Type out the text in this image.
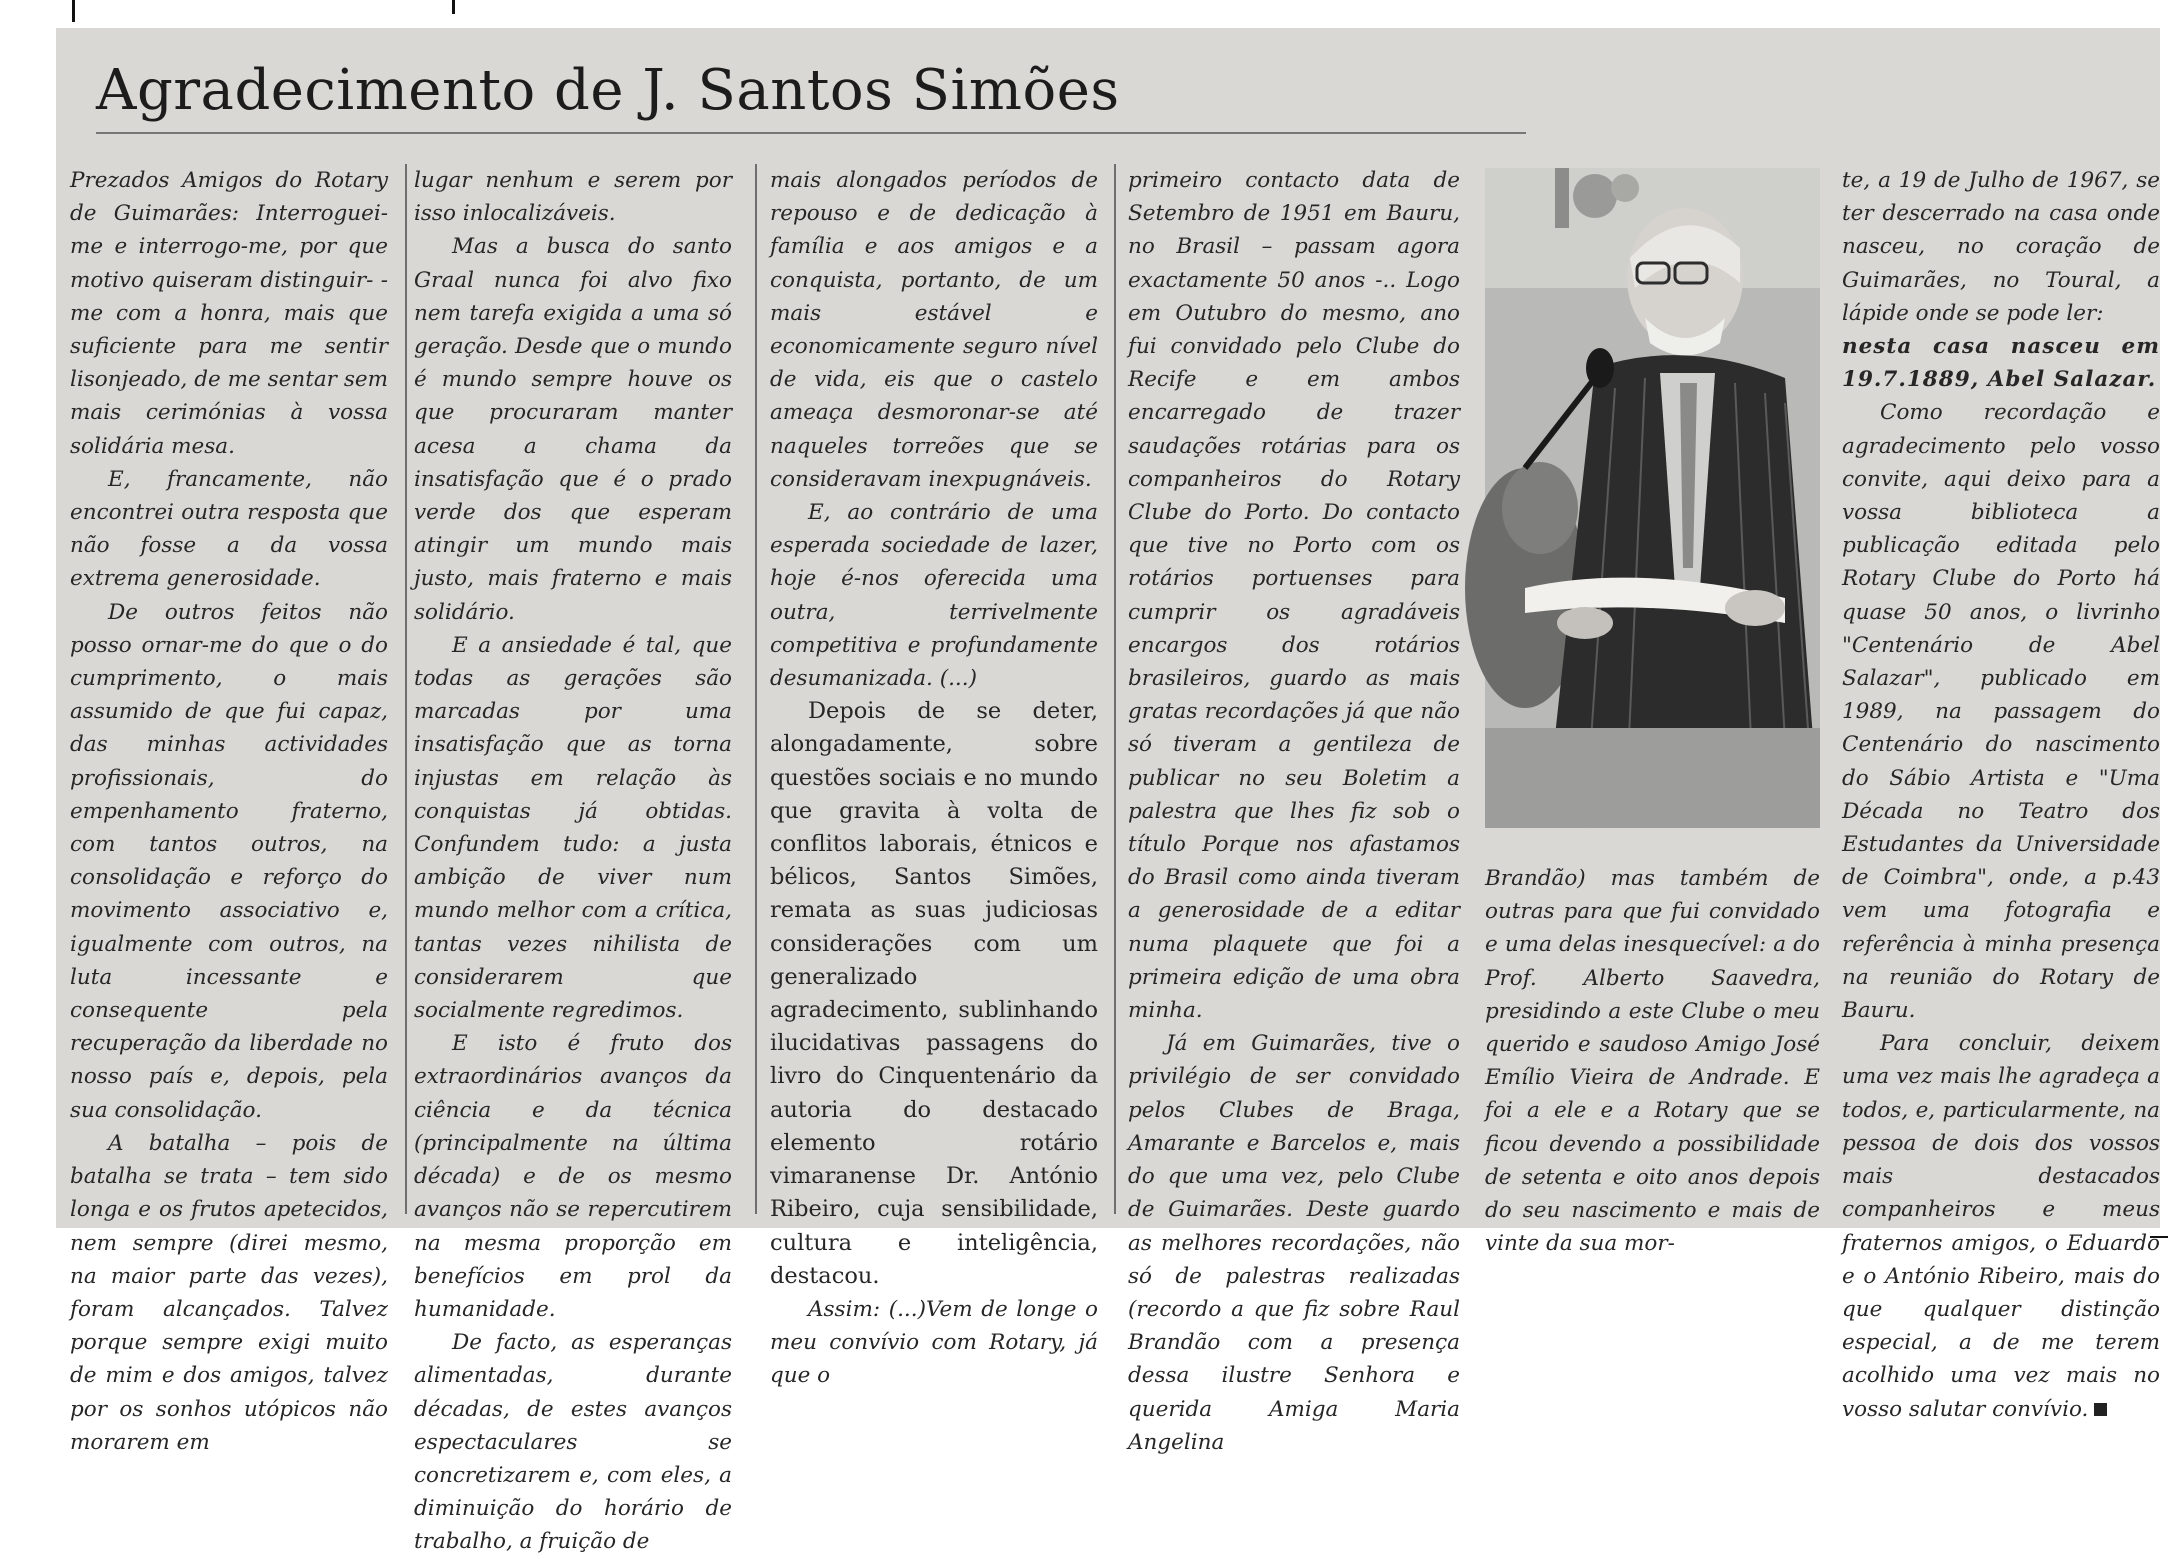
Agradecimento de J. Santos Simões

Prezados Amigos do Rotary de Guimarães: Interroguei-me e interrogo-me, por que motivo quiseram distinguir- -me com a honra, mais que suficiente para me sentir lisonjeado, de me sentar sem mais cerimónias à vossa solidária mesa.

E, francamente, não encontrei outra resposta que não fosse a da vossa extrema generosidade.

De outros feitos não posso ornar-me do que o do cumprimento, o mais assumido de que fui capaz, das minhas actividades profissionais, do empenhamento fraterno, com tantos outros, na consolidação e reforço do movimento associativo e, igualmente com outros, na luta incessante e consequente pela recuperação da liberdade no nosso país e, depois, pela sua consolidação.

A batalha – pois de batalha se trata – tem sido longa e os frutos apetecidos, nem sempre (direi mesmo, na maior parte das vezes), foram alcançados. Talvez porque sempre exigi muito de mim e dos amigos, talvez por os sonhos utópicos não morarem em

lugar nenhum e serem por isso inlocalizáveis.

Mas a busca do santo Graal nunca foi alvo fixo nem tarefa exigida a uma só geração. Desde que o mundo é mundo sempre houve os que procuraram manter acesa a chama da insatisfação que é o prado verde dos que esperam atingir um mundo mais justo, mais fraterno e mais solidário.

E a ansiedade é tal, que todas as gerações são marcadas por uma insatisfação que as torna injustas em relação às conquistas já obtidas. Confundem tudo: a justa ambição de viver num mundo melhor com a crítica, tantas vezes nihilista de considerarem que socialmente regredimos.

E isto é fruto dos extraordinários avanços da ciência e da técnica (principalmente na última década) e de os mesmo avanços não se repercutirem na mesma proporção em benefícios em prol da humanidade.

De facto, as esperanças alimentadas, durante décadas, de estes avanços espectaculares se concretizarem e, com eles, a diminuição do horário de trabalho, a fruição de

mais alongados períodos de repouso e de dedicação à família e aos amigos e a conquista, portanto, de um mais estável e economicamente seguro nível de vida, eis que o castelo ameaça desmoronar-se até naqueles torreões que se consideravam inexpugnáveis.

E, ao contrário de uma esperada sociedade de lazer, hoje é-nos oferecida uma outra, terrivelmente competitiva e profundamente desumanizada. (...)

Depois de se deter, alongadamente, sobre questões sociais e no mundo que gravita à volta de conflitos laborais, étnicos e bélicos, Santos Simões, remata as suas judiciosas considerações com um generalizado agradecimento, sublinhando ilucidativas passagens do livro do Cinquentenário da autoria do destacado elemento rotário vimaranense Dr. António Ribeiro, cuja sensibilidade, cultura e inteligência, destacou.

Assim: (...)Vem de longe o meu convívio com Rotary, já que o

primeiro contacto data de Setembro de 1951 em Bauru, no Brasil – passam agora exactamente 50 anos -.. Logo em Outubro do mesmo, ano fui convidado pelo Clube do Recife e em ambos encarregado de trazer saudações rotárias para os companheiros do Rotary Clube do Porto. Do contacto que tive no Porto com os rotários portuenses para cumprir os agradáveis encargos dos rotários brasileiros, guardo as mais gratas recordações já que não só tiveram a gentileza de publicar no seu Boletim a palestra que lhes fiz sob o título Porque nos afastamos do Brasil como ainda tiveram a generosidade de a editar numa plaquete que foi a primeira edição de uma obra minha.

Já em Guimarães, tive o privilégio de ser convidado pelos Clubes de Braga, Amarante e Barcelos e, mais do que uma vez, pelo Clube de Guimarães. Deste guardo as melhores recordações, não só de palestras realizadas (recordo a que fiz sobre Raul Brandão com a presença dessa ilustre Senhora e querida Amiga Maria Angelina

Brandão) mas também de outras para que fui convidado e uma delas inesquecível: a do Prof. Alberto Saavedra, presidindo a este Clube o meu querido e saudoso Amigo José Emílio Vieira de Andrade. E foi a ele e a Rotary que se ficou devendo a possibilidade de setenta e oito anos depois do seu nascimento e mais de vinte da sua mor-

te, a 19 de Julho de 1967, se ter descerrado na casa onde nasceu, no coração de Guimarães, no Toural, a lápide onde se pode ler:

nesta casa nasceu em 19.7.1889, Abel Salazar.

Como recordação e agradecimento pelo vosso convite, aqui deixo para a vossa biblioteca a publicação editada pelo Rotary Clube do Porto há quase 50 anos, o livrinho "Centenário de Abel Salazar", publicado em 1989, na passagem do Centenário do nascimento do Sábio Artista e "Uma Década no Teatro dos Estudantes da Universidade de Coimbra", onde, a p.43 vem uma fotografia e referência à minha presença na reunião do Rotary de Bauru.

Para concluir, deixem uma vez mais lhe agradeça a todos, e, particularmente, na pessoa de dois dos vossos mais destacados companheiros e meus fraternos amigos, o Eduardo e o António Ribeiro, mais do que qualquer distinção especial, a de me terem acolhido uma vez mais no vosso salutar convívio.
